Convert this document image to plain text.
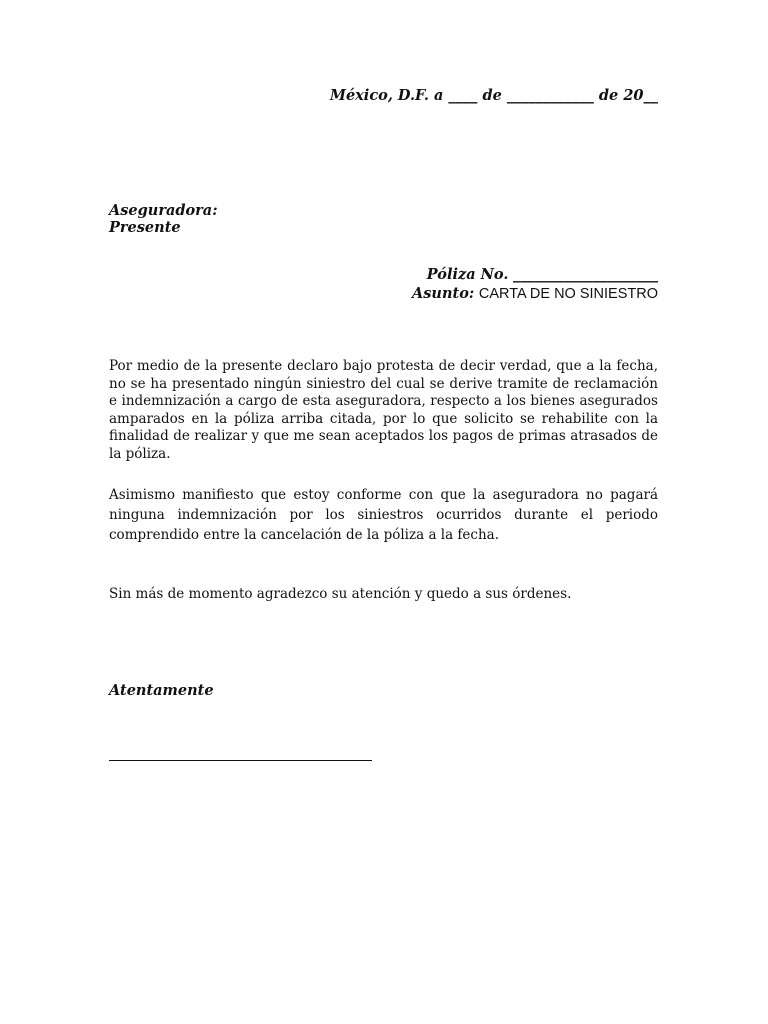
México, D.F. a ____ de ____________ de 20__
Aseguradora:
Presente
Póliza No. ____________________
Asunto: CARTA DE NO SINIESTRO
Por medio de la presente declaro bajo protesta de decir verdad, que a la fecha, no se ha presentado ningún siniestro del cual se derive tramite de reclamación e indemnización a cargo de esta aseguradora, respecto a los bienes asegurados amparados en la póliza arriba citada, por lo que solicito se rehabilite con la finalidad de realizar y que me sean aceptados los pagos de primas atrasados de la póliza.
Asimismo manifiesto que estoy conforme con que la aseguradora no pagará ninguna indemnización por los siniestros ocurridos durante el periodo comprendido entre la cancelación de la póliza a la fecha.
Sin más de momento agradezco su atención y quedo a sus órdenes.
Atentamente
